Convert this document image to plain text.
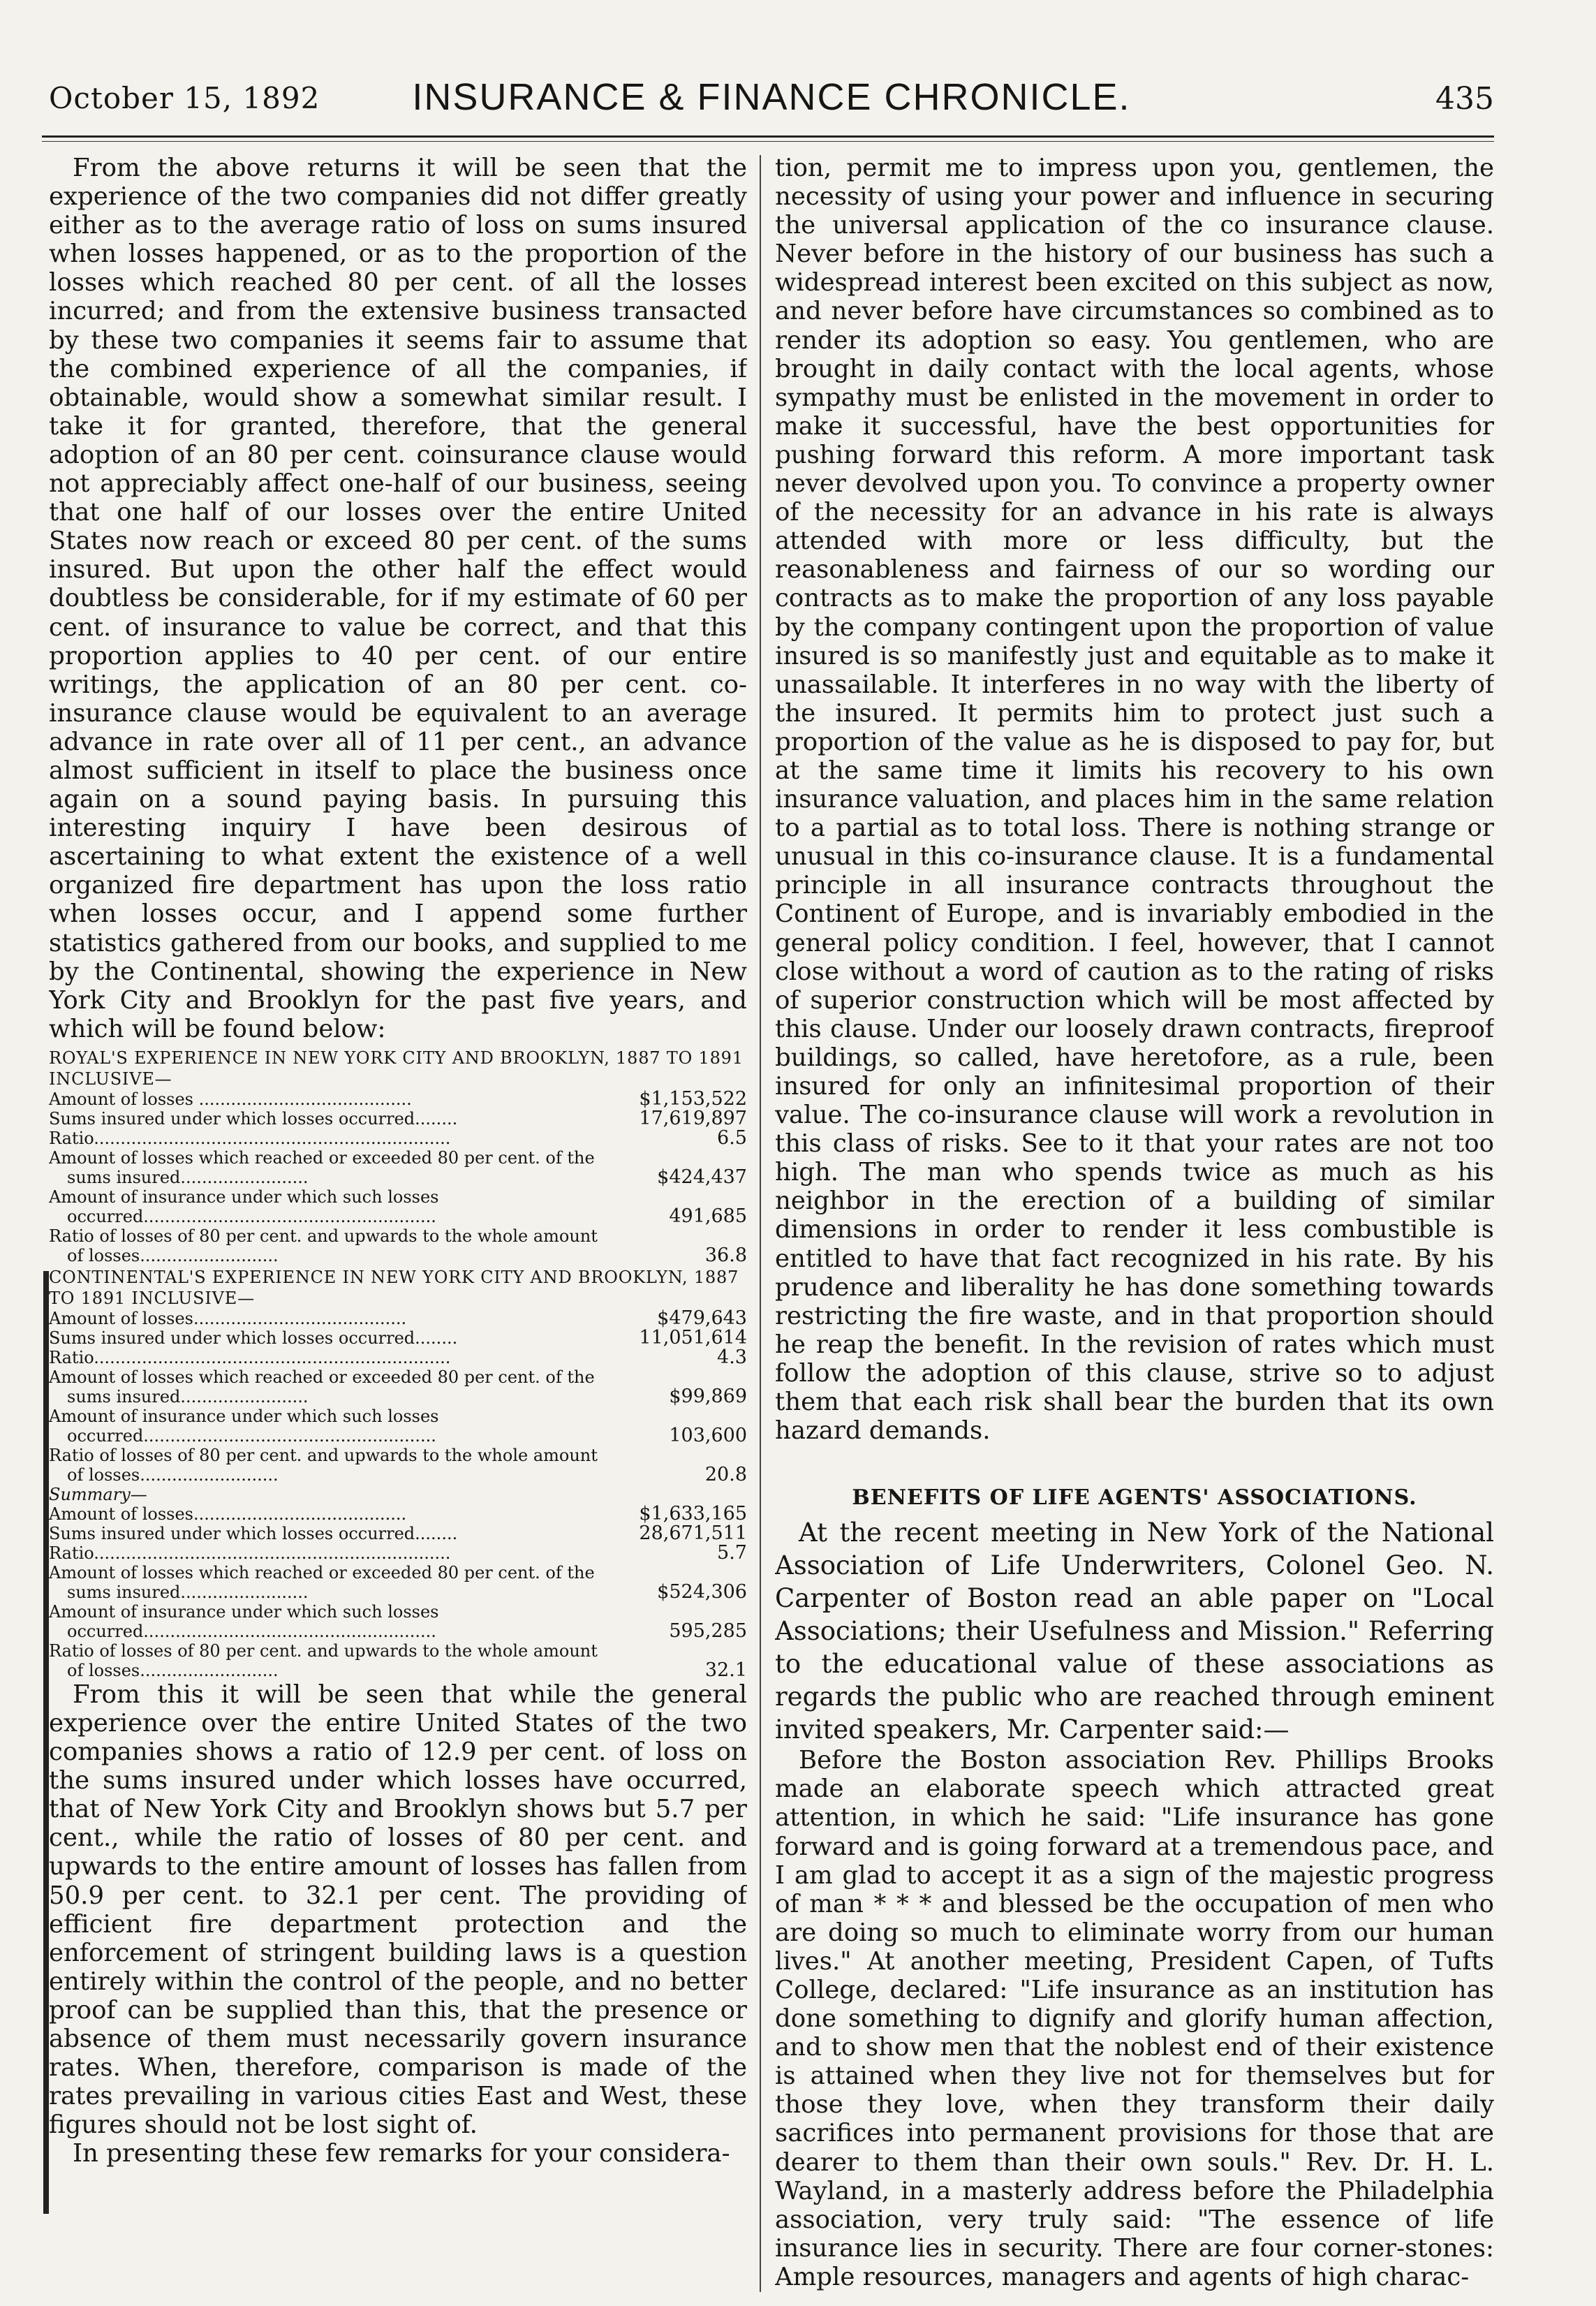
October 15, 1892	INSURANCE & FINANCE CHRONICLE.	435

From the above returns it will be seen that the experience of the two companies did not differ greatly either as to the average ratio of loss on sums insured when losses happened, or as to the proportion of the losses which reached 80 per cent. of all the losses incurred; and from the extensive business transacted by these two companies it seems fair to assume that the combined experience of all the companies, if obtainable, would show a somewhat similar result. I take it for granted, therefore, that the general adoption of an 80 per cent. coinsurance clause would not appreciably affect one-half of our business, seeing that one half of our losses over the entire United States now reach or exceed 80 per cent. of the sums insured. But upon the other half the effect would doubtless be considerable, for if my estimate of 60 per cent. of insurance to value be correct, and that this proportion applies to 40 per cent. of our entire writings, the application of an 80 per cent. co-insurance clause would be equivalent to an average advance in rate over all of 11 per cent., an advance almost sufficient in itself to place the business once again on a sound paying basis. In pursuing this interesting inquiry I have been desirous of ascertaining to what extent the existence of a well organized fire department has upon the loss ratio when losses occur, and I append some further statistics gathered from our books, and supplied to me by the Continental, showing the experience in New York City and Brooklyn for the past five years, and which will be found below:

ROYAL'S EXPERIENCE IN NEW YORK CITY AND BROOKLYN, 1887 TO 1891 INCLUSIVE—
Amount of losses ........................................	$1,153,522
Sums insured under which losses occurred........	17,619,897
Ratio...................................................................	6.5
Amount of losses which reached or exceeded 80 per cent. of the sums insured........................	$424,437
Amount of insurance under which such losses occurred.......................................................	491,685
Ratio of losses of 80 per cent. and upwards to the whole amount of losses..........................	36.8
CONTINENTAL'S EXPERIENCE IN NEW YORK CITY AND BROOKLYN, 1887 TO 1891 INCLUSIVE—
Amount of losses........................................	$479,643
Sums insured under which losses occurred........	11,051,614
Ratio...................................................................	4.3
Amount of losses which reached or exceeded 80 per cent. of the sums insured........................	$99,869
Amount of insurance under which such losses occurred.......................................................	103,600
Ratio of losses of 80 per cent. and upwards to the whole amount of losses..........................	20.8
Summary—
Amount of losses........................................	$1,633,165
Sums insured under which losses occurred........	28,671,511
Ratio...................................................................	5.7
Amount of losses which reached or exceeded 80 per cent. of the sums insured........................	$524,306
Amount of insurance under which such losses occurred.......................................................	595,285
Ratio of losses of 80 per cent. and upwards to the whole amount of losses..........................	32.1

From this it will be seen that while the general experience over the entire United States of the two companies shows a ratio of 12.9 per cent. of loss on the sums insured under which losses have occurred, that of New York City and Brooklyn shows but 5.7 per cent., while the ratio of losses of 80 per cent. and upwards to the entire amount of losses has fallen from 50.9 per cent. to 32.1 per cent. The providing of efficient fire department protection and the enforcement of stringent building laws is a question entirely within the control of the people, and no better proof can be supplied than this, that the presence or absence of them must necessarily govern insurance rates. When, therefore, comparison is made of the rates prevailing in various cities East and West, these figures should not be lost sight of.

In presenting these few remarks for your considera-

tion, permit me to impress upon you, gentlemen, the necessity of using your power and influence in securing the universal application of the co insurance clause. Never before in the history of our business has such a widespread interest been excited on this subject as now, and never before have circumstances so combined as to render its adoption so easy. You gentlemen, who are brought in daily contact with the local agents, whose sympathy must be enlisted in the movement in order to make it successful, have the best opportunities for pushing forward this reform. A more important task never devolved upon you. To convince a property owner of the necessity for an advance in his rate is always attended with more or less difficulty, but the reasonableness and fairness of our so wording our contracts as to make the proportion of any loss payable by the company contingent upon the proportion of value insured is so manifestly just and equitable as to make it unassailable. It interferes in no way with the liberty of the insured. It permits him to protect just such a proportion of the value as he is disposed to pay for, but at the same time it limits his recovery to his own insurance valuation, and places him in the same relation to a partial as to total loss. There is nothing strange or unusual in this co-insurance clause. It is a fundamental principle in all insurance contracts throughout the Continent of Europe, and is invariably embodied in the general policy condition. I feel, however, that I cannot close without a word of caution as to the rating of risks of superior construction which will be most affected by this clause. Under our loosely drawn contracts, fireproof buildings, so called, have heretofore, as a rule, been insured for only an infinitesimal proportion of their value. The co-insurance clause will work a revolution in this class of risks. See to it that your rates are not too high. The man who spends twice as much as his neighbor in the erection of a building of similar dimensions in order to render it less combustible is entitled to have that fact recognized in his rate. By his prudence and liberality he has done something towards restricting the fire waste, and in that proportion should he reap the benefit. In the revision of rates which must follow the adoption of this clause, strive so to adjust them that each risk shall bear the burden that its own hazard demands.

BENEFITS OF LIFE AGENTS' ASSOCIATIONS.

At the recent meeting in New York of the National Association of Life Underwriters, Colonel Geo. N. Carpenter of Boston read an able paper on "Local Associations; their Usefulness and Mission." Referring to the educational value of these associations as regards the public who are reached through eminent invited speakers, Mr. Carpenter said:—

Before the Boston association Rev. Phillips Brooks made an elaborate speech which attracted great attention, in which he said: "Life insurance has gone forward and is going forward at a tremendous pace, and I am glad to accept it as a sign of the majestic progress of man * * * and blessed be the occupation of men who are doing so much to eliminate worry from our human lives." At another meeting, President Capen, of Tufts College, declared: "Life insurance as an institution has done something to dignify and glorify human affection, and to show men that the noblest end of their existence is attained when they live not for themselves but for those they love, when they transform their daily sacrifices into permanent provisions for those that are dearer to them than their own souls." Rev. Dr. H. L. Wayland, in a masterly address before the Philadelphia association, very truly said: "The essence of life insurance lies in security. There are four corner-stones: Ample resources, managers and agents of high charac-
